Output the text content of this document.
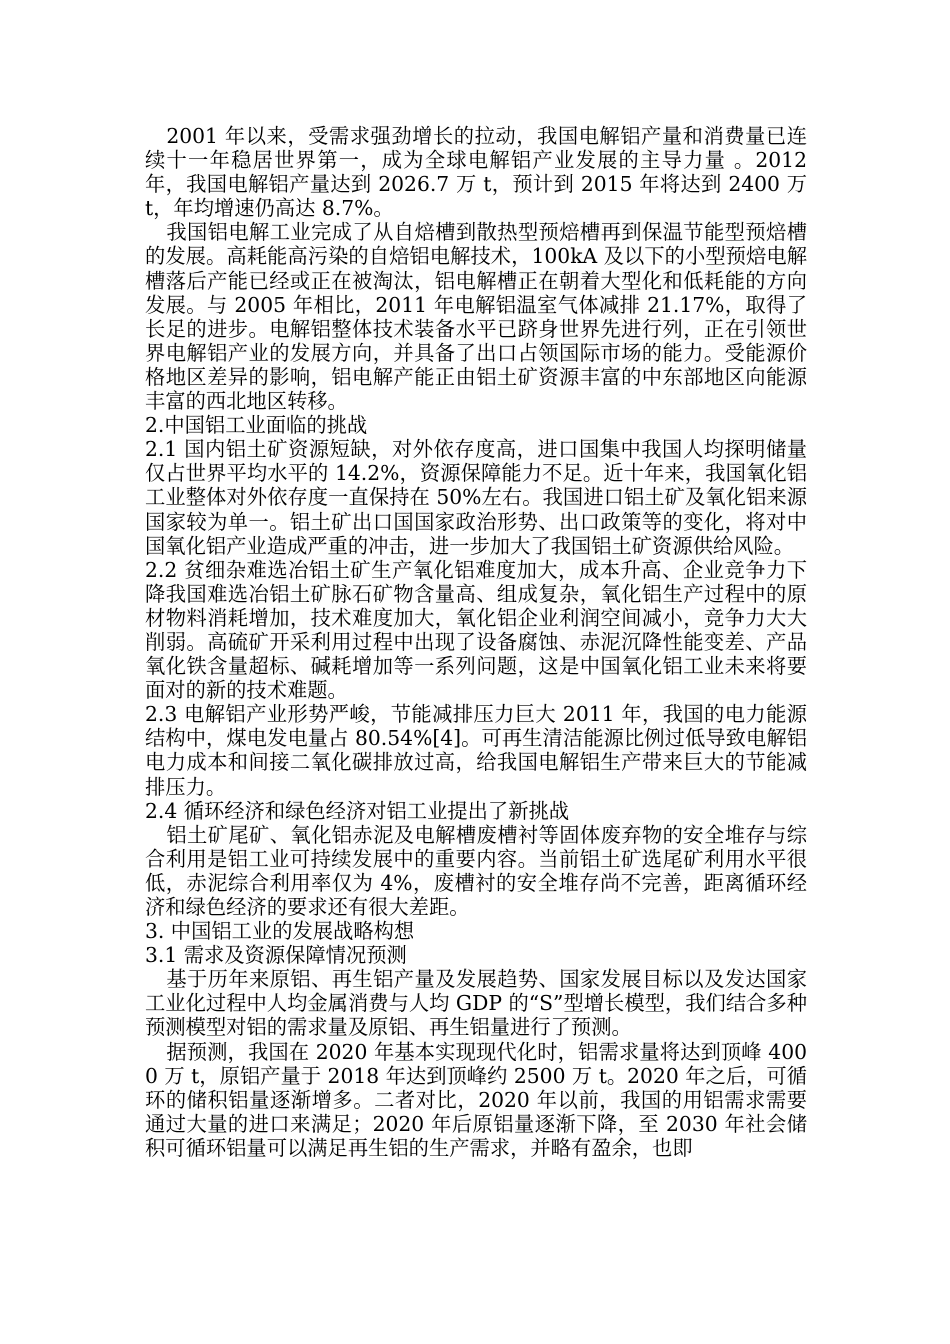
2001 年以来，受需求强劲增长的拉动，我国电解铝产量和消费量已连续十一年稳居世界第一，成为全球电解铝产业发展的主导力量 。2012 年，我国电解铝产量达到 2026.7 万 t，预计到 2015 年将达到 2400 万 t，年均增速仍高达 8.7%。

我国铝电解工业完成了从自焙槽到散热型预焙槽再到保温节能型预焙槽的发展。高耗能高污染的自焙铝电解技术，100kA 及以下的小型预焙电解槽落后产能已经或正在被淘汰，铝电解槽正在朝着大型化和低耗能的方向发展。与 2005 年相比，2011 年电解铝温室气体减排 21.17%，取得了长足的进步。电解铝整体技术装备水平已跻身世界先进行列，正在引领世界电解铝产业的发展方向，并具备了出口占领国际市场的能力。受能源价格地区差异的影响，铝电解产能正由铝土矿资源丰富的中东部地区向能源丰富的西北地区转移。

2.中国铝工业面临的挑战

2.1 国内铝土矿资源短缺，对外依存度高，进口国集中我国人均探明储量仅占世界平均水平的 14.2%，资源保障能力不足。近十年来，我国氧化铝工业整体对外依存度一直保持在 50%左右。我国进口铝土矿及氧化铝来源国家较为单一。铝土矿出口国国家政治形势、出口政策等的变化，将对中国氧化铝产业造成严重的冲击，进一步加大了我国铝土矿资源供给风险。

2.2 贫细杂难选冶铝土矿生产氧化铝难度加大，成本升高、企业竞争力下降我国难选冶铝土矿脉石矿物含量高、组成复杂，氧化铝生产过程中的原材物料消耗增加，技术难度加大，氧化铝企业利润空间减小，竞争力大大削弱。高硫矿开采利用过程中出现了设备腐蚀、赤泥沉降性能变差、产品氧化铁含量超标、碱耗增加等一系列问题，这是中国氧化铝工业未来将要面对的新的技术难题。

2.3 电解铝产业形势严峻，节能减排压力巨大 2011 年，我国的电力能源结构中，煤电发电量占 80.54%[4]。可再生清洁能源比例过低导致电解铝电力成本和间接二氧化碳排放过高，给我国电解铝生产带来巨大的节能减排压力。

2.4 循环经济和绿色经济对铝工业提出了新挑战

铝土矿尾矿、氧化铝赤泥及电解槽废槽衬等固体废弃物的安全堆存与综合利用是铝工业可持续发展中的重要内容。当前铝土矿选尾矿利用水平很低，赤泥综合利用率仅为 4%，废槽衬的安全堆存尚不完善，距离循环经济和绿色经济的要求还有很大差距。

3. 中国铝工业的发展战略构想

3.1 需求及资源保障情况预测

基于历年来原铝、再生铝产量及发展趋势、国家发展目标以及发达国家工业化过程中人均金属消费与人均 GDP 的“S”型增长模型，我们结合多种预测模型对铝的需求量及原铝、再生铝量进行了预测。

据预测，我国在 2020 年基本实现现代化时，铝需求量将达到顶峰 4000 万 t，原铝产量于 2018 年达到顶峰约 2500 万 t。2020 年之后，可循环的储积铝量逐渐增多。二者对比，2020 年以前，我国的用铝需求需要通过大量的进口来满足；2020 年后原铝量逐渐下降，至 2030 年社会储积可循环铝量可以满足再生铝的生产需求，并略有盈余，也即
